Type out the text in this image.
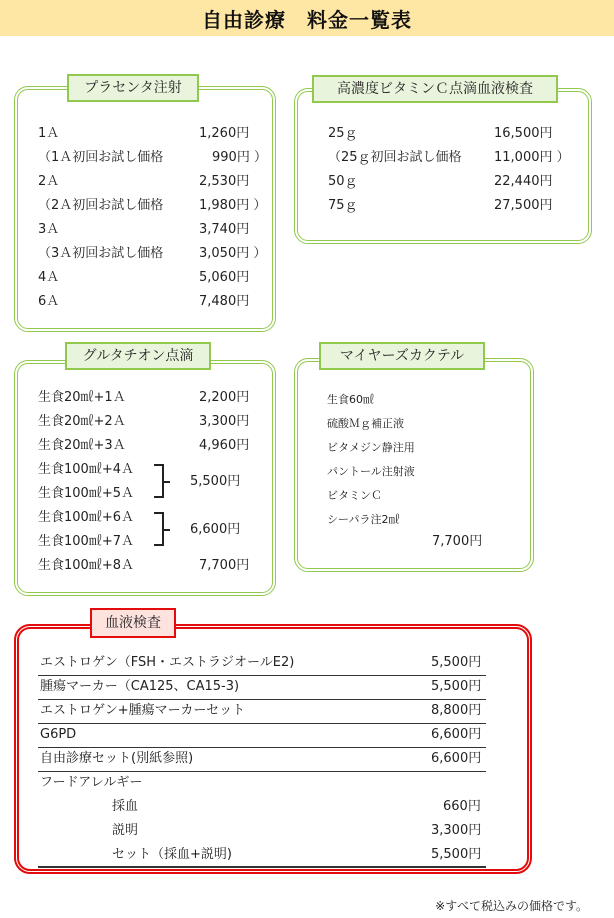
自由診療　料金一覧表
プラセンタ注射
1Ａ	1,260円
（1Ａ初回お試し価格	990円 ）
2Ａ	2,530円
（2Ａ初回お試し価格	1,980円 ）
3Ａ	3,740円
（3Ａ初回お試し価格	3,050円 ）
4Ａ	5,060円
6Ａ	7,480円
高濃度ビタミンＣ点滴血液検査
25ｇ	16,500円
（25ｇ初回お試し価格 11,000円 ）
50ｇ	22,440円
75ｇ	27,500円
グルタチオン点滴
生食20㎖+1Ａ	2,200円
生食20㎖+2Ａ	3,300円
生食20㎖+3Ａ	4,960円
生食100㎖+4Ａ
生食100㎖+5Ａ
5,500円
生食100㎖+6Ａ
生食100㎖+7Ａ
6,600円
生食100㎖+8Ａ	7,700円
マイヤーズカクテル
生食60㎖
硫酸Ｍｇ補正液
ビタメジン静注用
パントール注射液
ビタミンＣ
シーパラ注2㎖
7,700円
血液検査
エストロゲン（FSH・エストラジオールE2)	5,500円
腫瘍マーカー（CA125、CA15-3)	5,500円
エストロゲン+腫瘍マーカーセット	8,800円
G6PD	6,600円
自由診療セット(別紙参照)	6,600円
フードアレルギー
採血	660円
説明	3,300円
セット（採血+説明)	5,500円
※すべて税込みの価格です。
